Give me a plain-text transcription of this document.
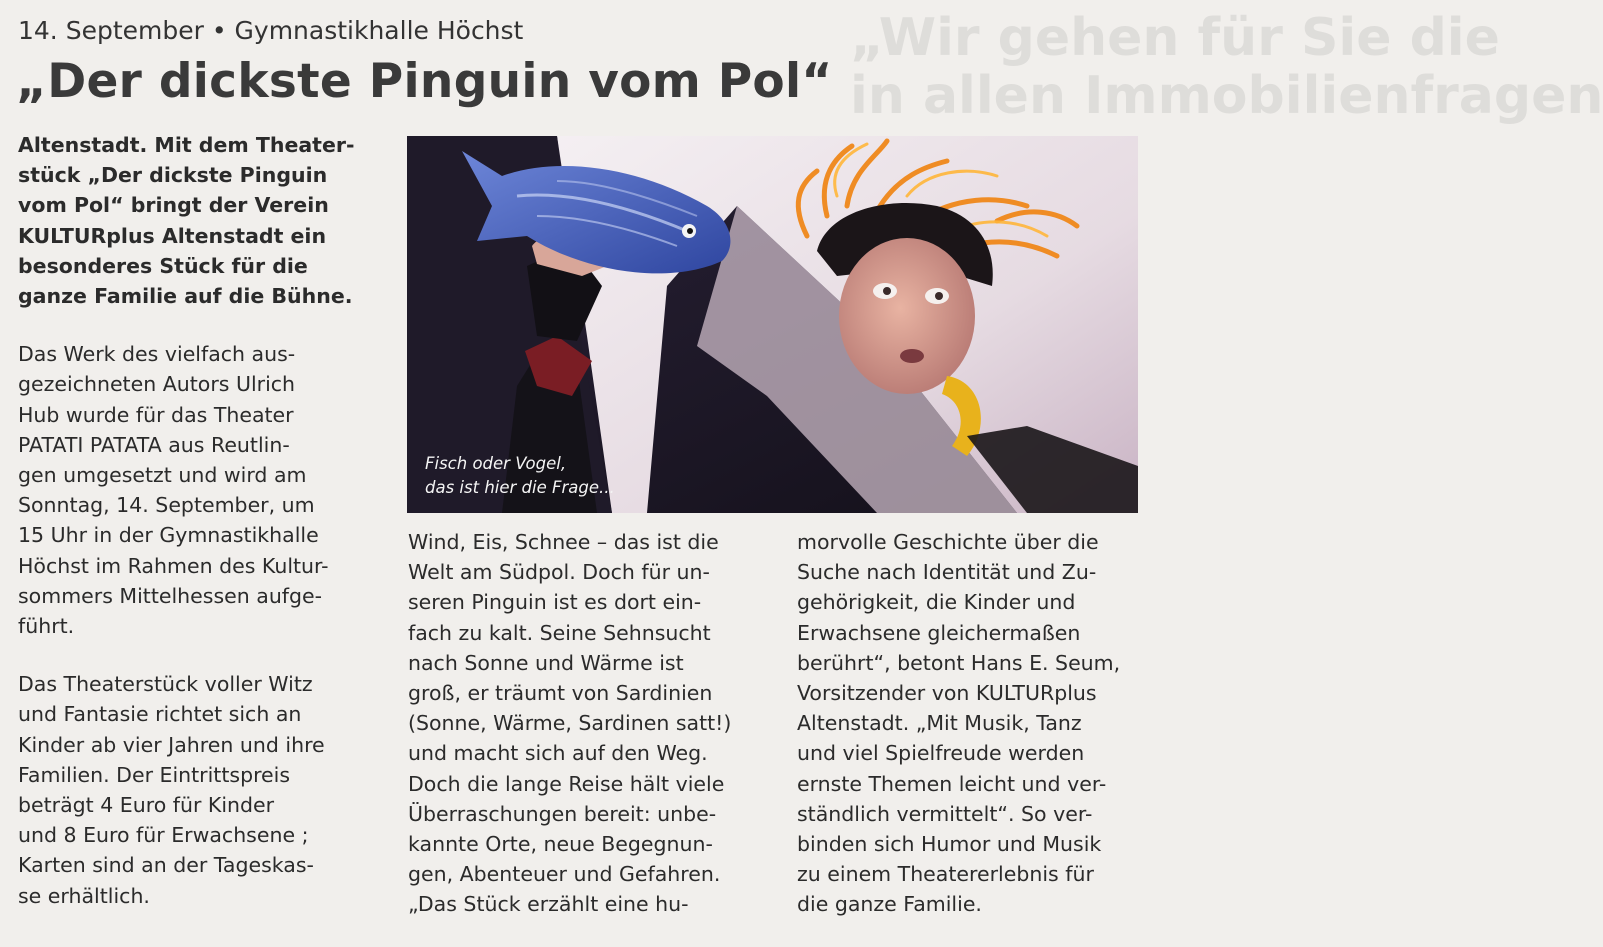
„Wir gehen für Sie die
in allen Immobilienfragen
14. September • Gymnastikhalle Höchst
„Der dickste Pinguin vom Pol“
Altenstadt. Mit dem Theater-
stück „Der dickste Pinguin
vom Pol“ bringt der Verein
KULTURplus Altenstadt ein
besonderes Stück für die
ganze Familie auf die Bühne.
Das Werk des vielfach aus-
gezeichneten Autors Ulrich
Hub wurde für das Theater
PATATI PATATA aus Reutlin-
gen umgesetzt und wird am
Sonntag, 14. September, um
15 Uhr in der Gymnastikhalle
Höchst im Rahmen des Kultur-
sommers Mittelhessen aufge-
führt.
Das Theaterstück voller Witz
und Fantasie richtet sich an
Kinder ab vier Jahren und ihre
Familien. Der Eintrittspreis
beträgt 4 Euro für Kinder
und 8 Euro für Erwachsene ;
Karten sind an der Tageskas-
se erhältlich.
Fisch oder Vogel,
das ist hier die Frage...
Wind, Eis, Schnee – das ist die
Welt am Südpol. Doch für un-
seren Pinguin ist es dort ein-
fach zu kalt. Seine Sehnsucht
nach Sonne und Wärme ist
groß, er träumt von Sardinien
(Sonne, Wärme, Sardinen satt!)
und macht sich auf den Weg.
Doch die lange Reise hält viele
Überraschungen bereit: unbe-
kannte Orte, neue Begegnun-
gen, Abenteuer und Gefahren.
„Das Stück erzählt eine hu-
morvolle Geschichte über die
Suche nach Identität und Zu-
gehörigkeit, die Kinder und
Erwachsene gleichermaßen
berührt“, betont Hans E. Seum,
Vorsitzender von KULTURplus
Altenstadt. „Mit Musik, Tanz
und viel Spielfreude werden
ernste Themen leicht und ver-
ständlich vermittelt“. So ver-
binden sich Humor und Musik
zu einem Theatererlebnis für
die ganze Familie.
